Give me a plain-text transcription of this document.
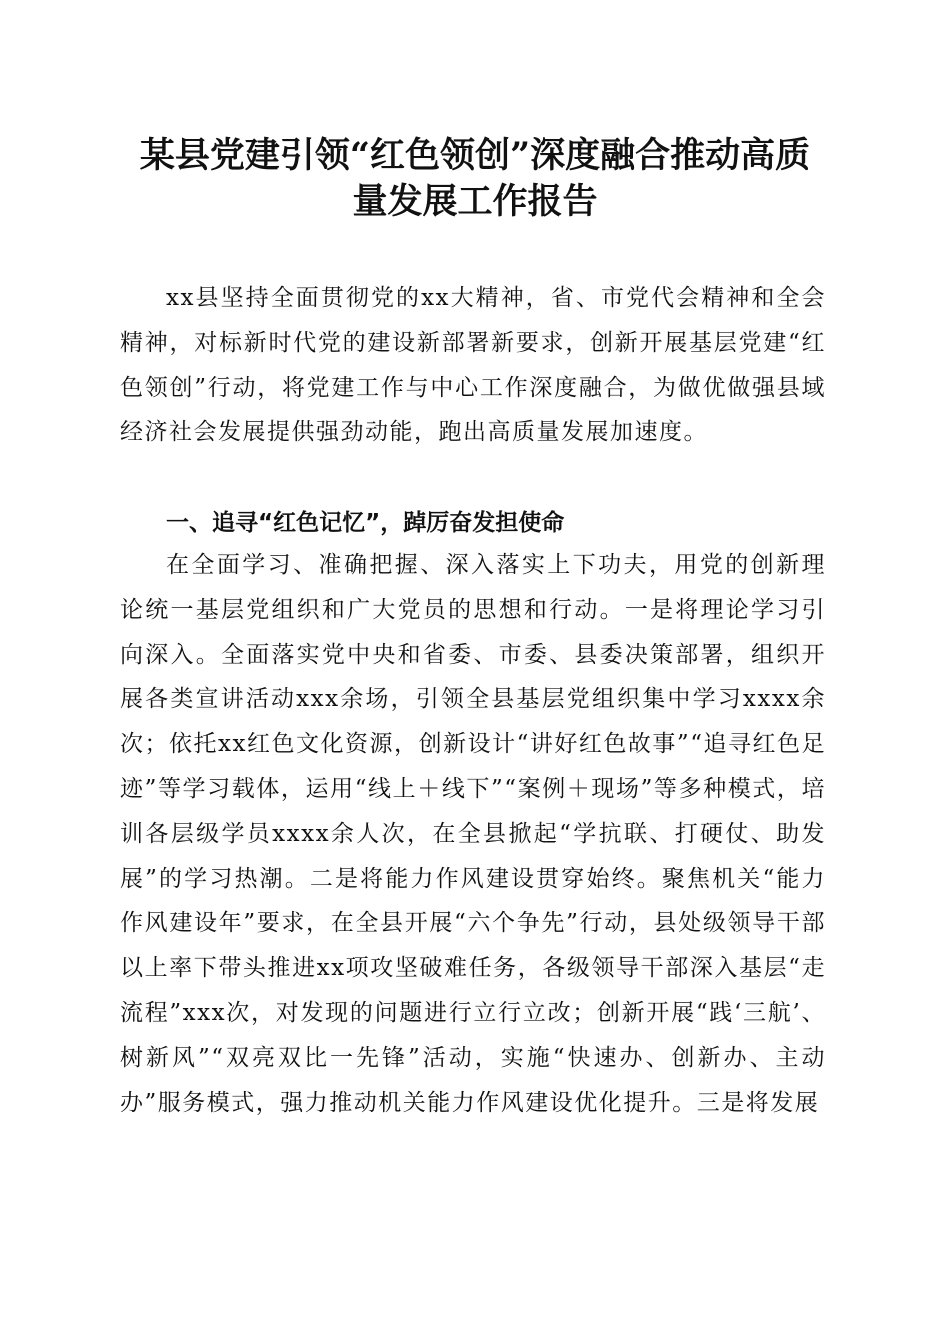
某县党建引领“红色领创”深度融合推动高质
量发展工作报告

xx县坚持全面贯彻党的xx大精神，省、市党代会精神和全会精神，对标新时代党的建设新部署新要求，创新开展基层党建“红色领创”行动，将党建工作与中心工作深度融合，为做优做强县域经济社会发展提供强劲动能，跑出高质量发展加速度。

一、追寻“红色记忆”，踔厉奋发担使命

在全面学习、准确把握、深入落实上下功夫，用党的创新理论统一基层党组织和广大党员的思想和行动。一是将理论学习引向深入。全面落实党中央和省委、市委、县委决策部署，组织开展各类宣讲活动xxx余场，引领全县基层党组织集中学习xxxx余次；依托xx红色文化资源，创新设计“讲好红色故事”“追寻红色足迹”等学习载体，运用“线上＋线下”“案例＋现场”等多种模式，培训各层级学员xxxx余人次，在全县掀起“学抗联、打硬仗、助发展”的学习热潮。二是将能力作风建设贯穿始终。聚焦机关“能力作风建设年”要求，在全县开展“六个争先”行动，县处级领导干部以上率下带头推进xx项攻坚破难任务，各级领导干部深入基层“走流程”xxx次，对发现的问题进行立行立改；创新开展“践‘三航’、树新风”“双亮双比一先锋”活动，实施“快速办、创新办、主动办”服务模式，强力推动机关能力作风建设优化提升。三是将发展
